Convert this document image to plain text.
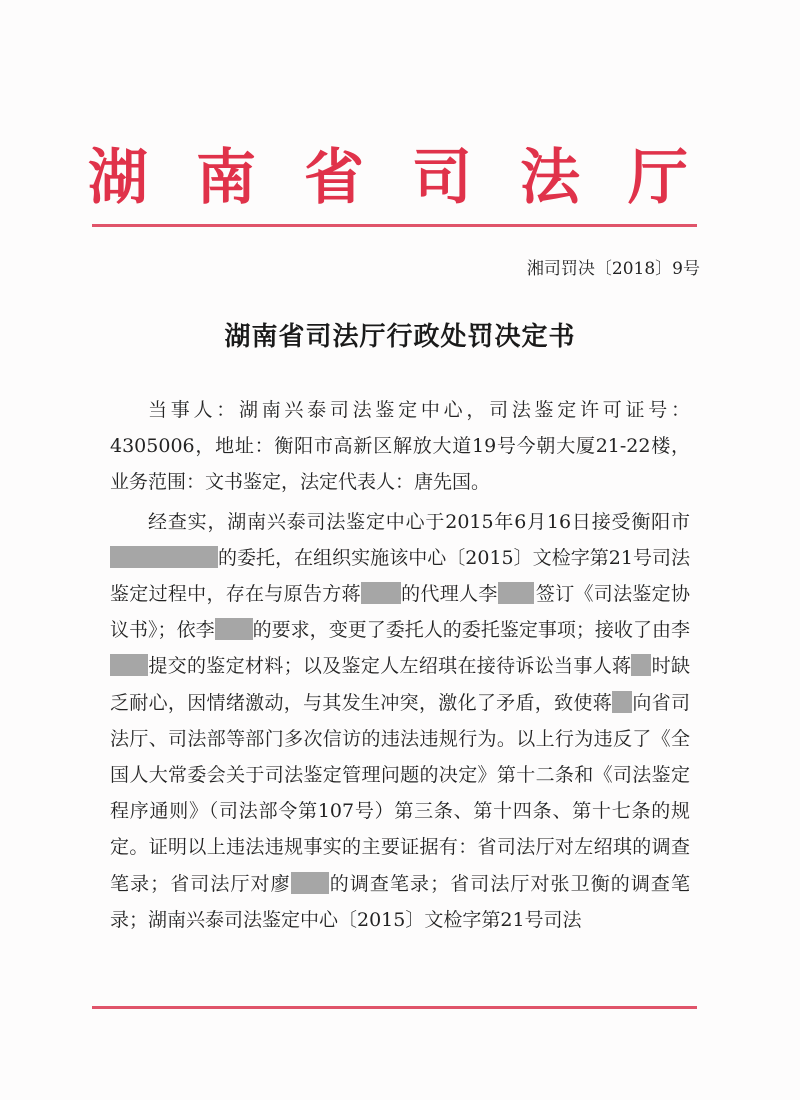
湖 南 省 司 法 厅
湘司罚决〔2018〕9号
湖南省司法厅行政处罚决定书

当事人：湖南兴泰司法鉴定中心，司法鉴定许可证号：4305006，地址：衡阳市高新区解放大道19号今朝大厦21-22楼，业务范围：文书鉴定，法定代表人：唐先国。

经查实，湖南兴泰司法鉴定中心于2015年6月16日接受衡阳市的委托，在组织实施该中心〔2015〕文检字第21号司法鉴定过程中，存在与原告方蒋 的代理人李 签订《司法鉴定协议书》；依李 的要求，变更了委托人的委托鉴定事项；接收了由李提交的鉴定材料；以及鉴定人左绍琪在接待诉讼当事人蒋 时缺乏耐心，因情绪激动，与其发生冲突，激化了矛盾，致使蒋 向省司法厅、司法部等部门多次信访的违法违规行为。以上行为违反了《全国人大常委会关于司法鉴定管理问题的决定》第十二条和《司法鉴定程序通则》（司法部令第107号）第三条、第十四条、第十七条的规定。证明以上违法违规事实的主要证据有：省司法厅对左绍琪的调查笔录；省司法厅对廖 的调查笔录；省司法厅对张卫衡的调查笔录；湖南兴泰司法鉴定中心〔2015〕文检字第21号司法
